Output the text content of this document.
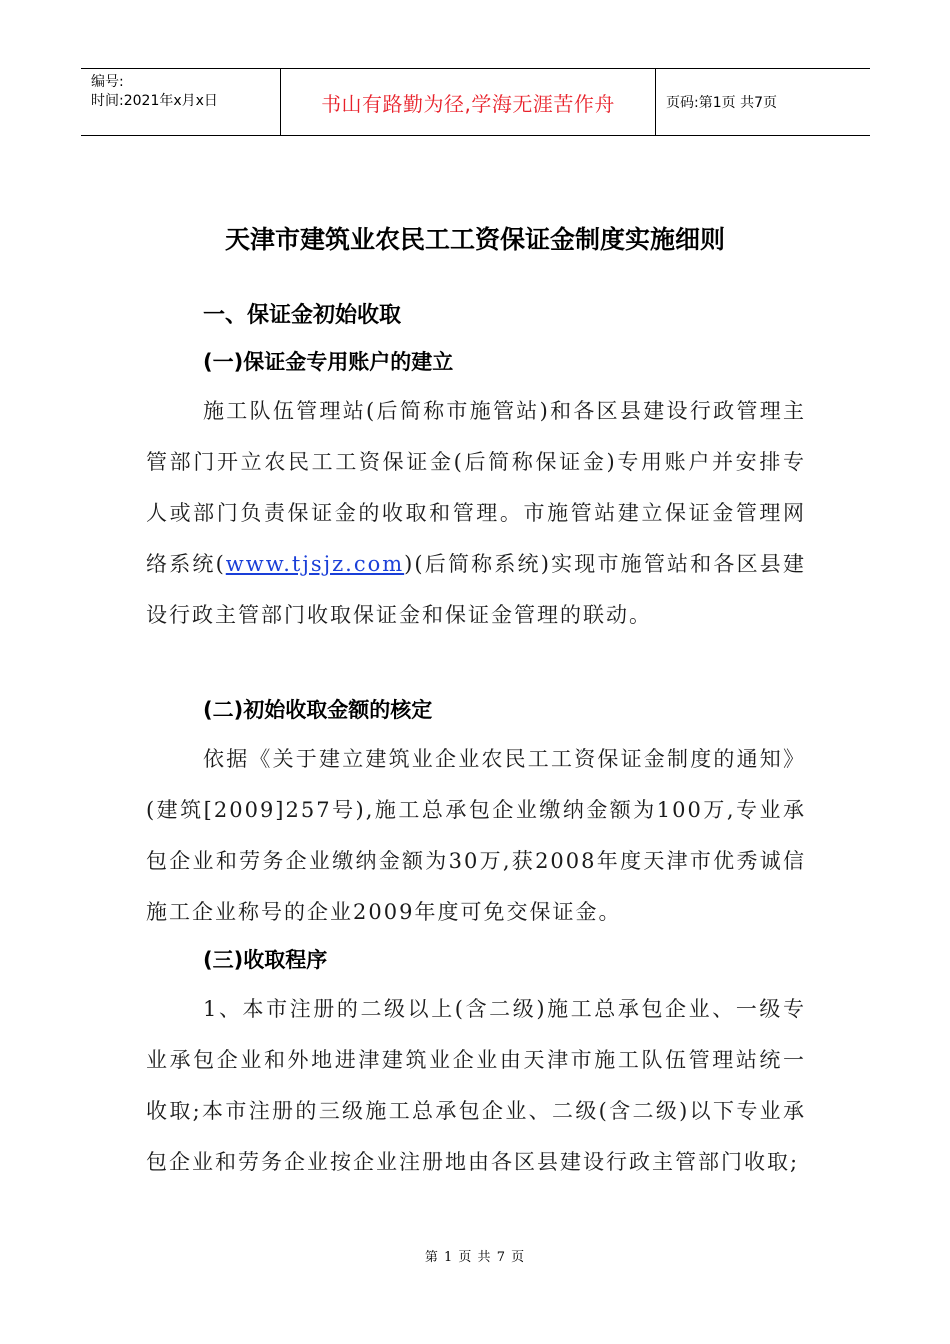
编号:
时间:2021年x月x日	书山有路勤为径,学海无涯苦作舟	页码:第1页 共7页
天津市建筑业农民工工资保证金制度实施细则
一、保证金初始收取
(一)保证金专用账户的建立

施工队伍管理站(后简称市施管站)和各区县建设行政管理主管部门开立农民工工资保证金(后简称保证金)专用账户并安排专人或部门负责保证金的收取和管理。市施管站建立保证金管理网络系统(www.tjsjz.com)(后简称系统)实现市施管站和各区县建设行政主管部门收取保证金和保证金管理的联动。

(二)初始收取金额的核定

依据《关于建立建筑业企业农民工工资保证金制度的通知》(建筑[2009]257号),施工总承包企业缴纳金额为100万,专业承包企业和劳务企业缴纳金额为30万,获2008年度天津市优秀诚信施工企业称号的企业2009年度可免交保证金。

(三)收取程序

1、本市注册的二级以上(含二级)施工总承包企业、一级专业承包企业和外地进津建筑业企业由天津市施工队伍管理站统一收取;本市注册的三级施工总承包企业、二级(含二级)以下专业承包企业和劳务企业按企业注册地由各区县建设行政主管部门收取;

第 1 页 共 7 页
